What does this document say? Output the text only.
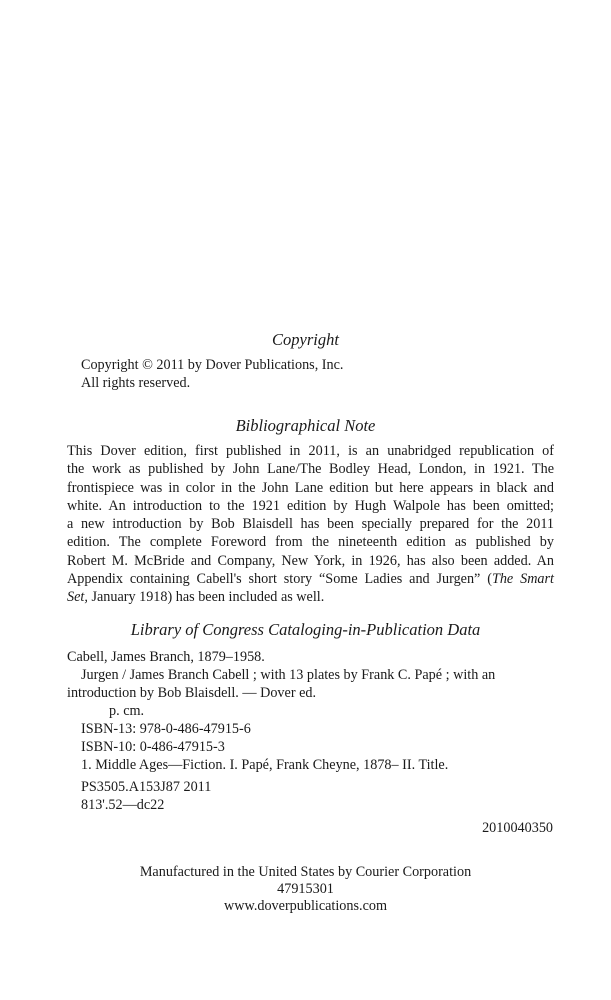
Copyright

Copyright © 2011 by Dover Publications, Inc.

All rights reserved.

Bibliographical Note
This Dover edition, first published in 2011, is an unabridged republication of
the work as published by John Lane/The Bodley Head, London, in 1921. The
frontispiece was in color in the John Lane edition but here appears in black and
white. An introduction to the 1921 edition by Hugh Walpole has been omitted;
a new introduction by Bob Blaisdell has been specially prepared for the 2011
edition. The complete Foreword from the nineteenth edition as published by
Robert M. McBride and Company, New York, in 1926, has also been added. An
Appendix containing Cabell's short story “Some Ladies and Jurgen” (The Smart
Set, January 1918) has been included as well.
Library of Congress Cataloging-in-Publication Data

Cabell, James Branch, 1879–1958.

Jurgen / James Branch Cabell ; with 13 plates by Frank C. Papé ; with an

introduction by Bob Blaisdell. — Dover ed.

p. cm.

ISBN-13: 978-0-486-47915-6

ISBN-10: 0-486-47915-3

1. Middle Ages—Fiction. I. Papé, Frank Cheyne, 1878– II. Title.

PS3505.A153J87 2011

813'.52—dc22

2010040350

Manufactured in the United States by Courier Corporation

47915301

www.doverpublications.com
